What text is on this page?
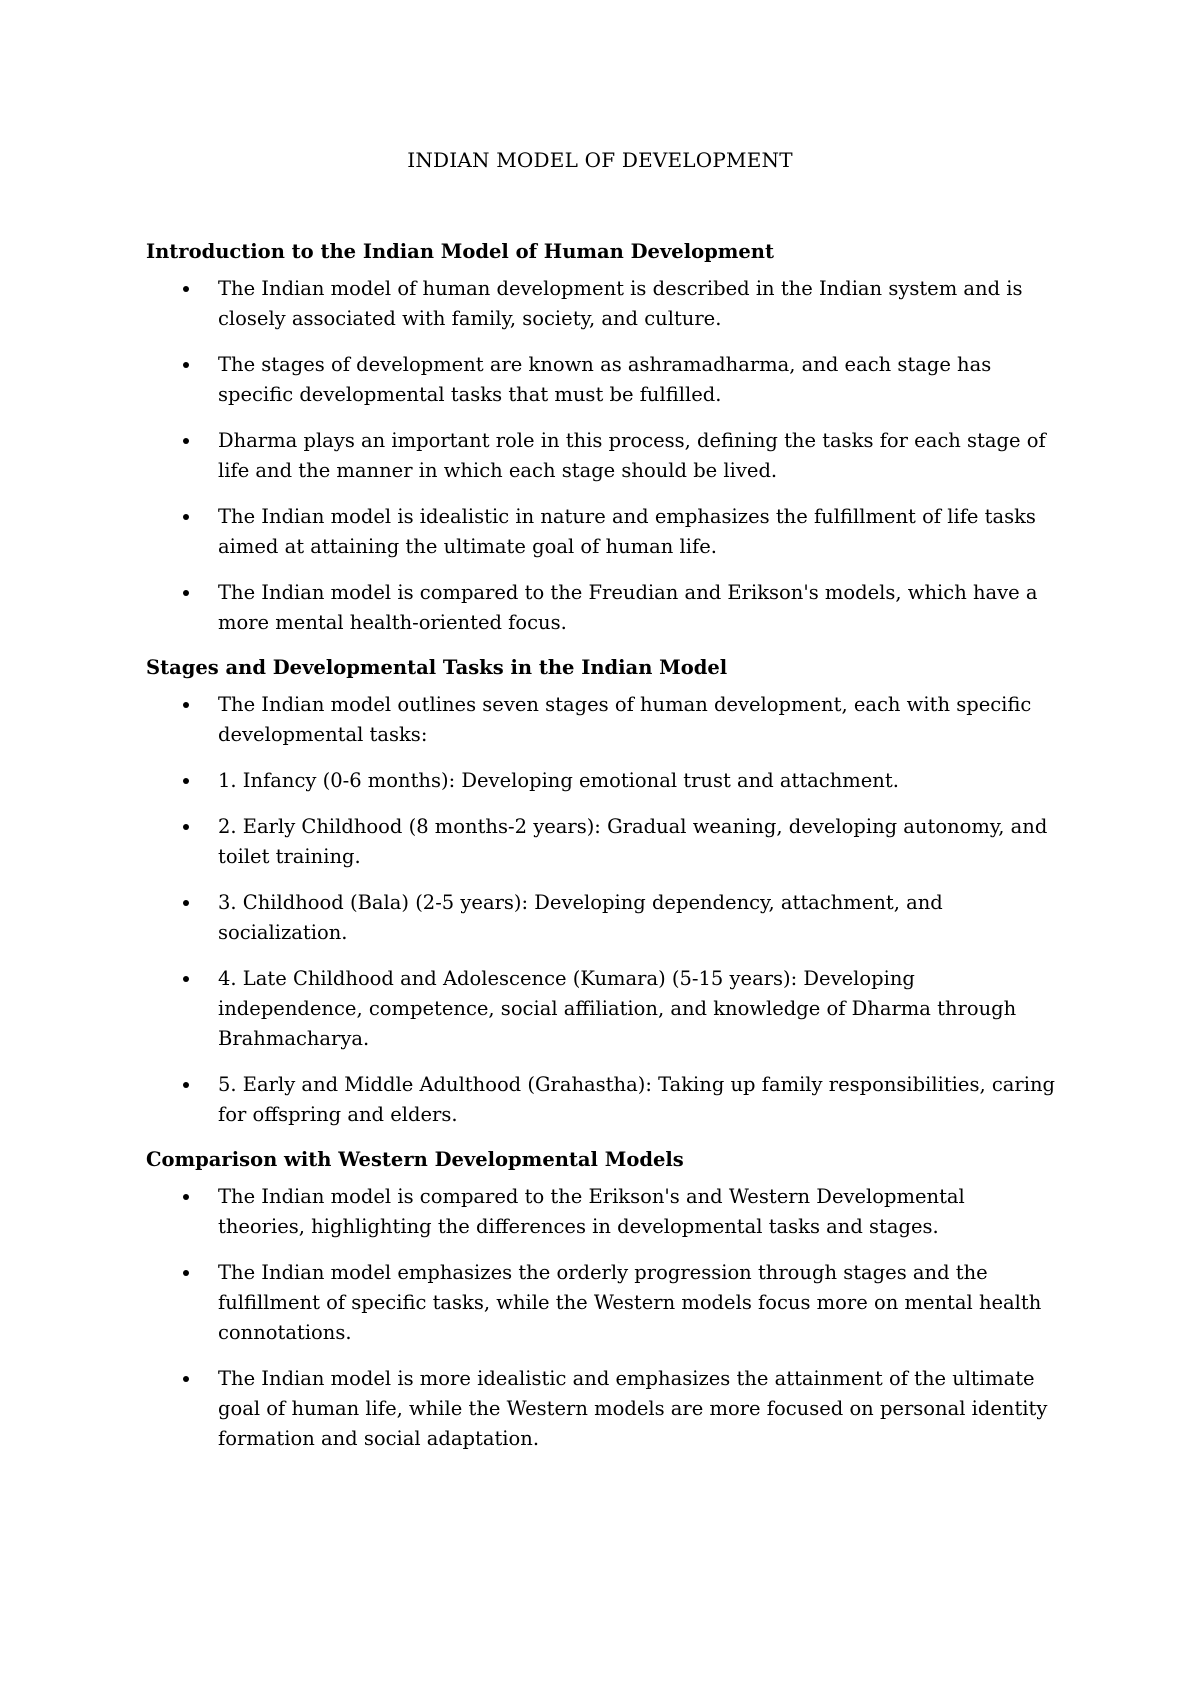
INDIAN MODEL OF DEVELOPMENT
Introduction to the Indian Model of Human Development
The Indian model of human development is described in the Indian system and is closely associated with family, society, and culture.
The stages of development are known as ashramadharma, and each stage has specific developmental tasks that must be fulfilled.
Dharma plays an important role in this process, defining the tasks for each stage of life and the manner in which each stage should be lived.
The Indian model is idealistic in nature and emphasizes the fulfillment of life tasks aimed at attaining the ultimate goal of human life.
The Indian model is compared to the Freudian and Erikson's models, which have a more mental health-oriented focus.
Stages and Developmental Tasks in the Indian Model
The Indian model outlines seven stages of human development, each with specific developmental tasks:
1. Infancy (0-6 months): Developing emotional trust and attachment.
2. Early Childhood (8 months-2 years): Gradual weaning, developing autonomy, and toilet training.
3. Childhood (Bala) (2-5 years): Developing dependency, attachment, and socialization.
4. Late Childhood and Adolescence (Kumara) (5-15 years): Developing independence, competence, social affiliation, and knowledge of Dharma through Brahmacharya.
5. Early and Middle Adulthood (Grahastha): Taking up family responsibilities, caring for offspring and elders.
Comparison with Western Developmental Models
The Indian model is compared to the Erikson's and Western Developmental theories, highlighting the differences in developmental tasks and stages.
The Indian model emphasizes the orderly progression through stages and the fulfillment of specific tasks, while the Western models focus more on mental health connotations.
The Indian model is more idealistic and emphasizes the attainment of the ultimate goal of human life, while the Western models are more focused on personal identity formation and social adaptation.
